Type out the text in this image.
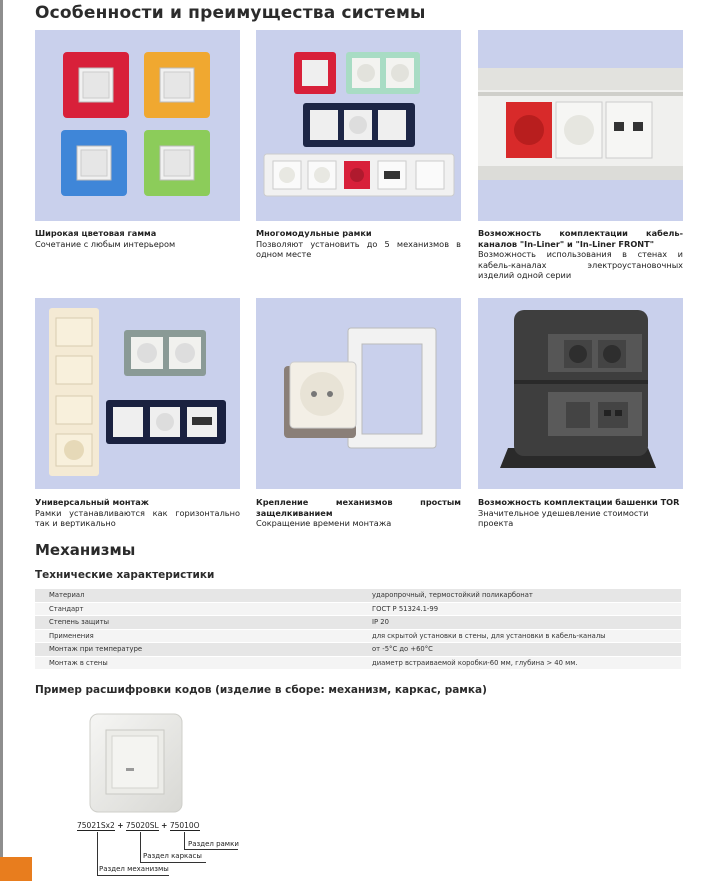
Особенности и преимущества системы
Широкая цветовая гамма
Сочетание с любым интерьером
Многомодульные рамки
Позволяют установить до 5 механизмов в одном месте
Возможность комплектации кабель-каналов "In-Liner" и "In-Liner FRONT"
Возможность использования в стенах и кабель-каналах электроустановочных изделий одной серии
Универсальный монтаж
Рамки устанавливаются как горизонтально так и вертикально
Крепление механизмов простым защелкиванием
Сокращение времени монтажа
Возможность комплектации башенки TOR
Значительное удешевление стоимости проекта
Механизмы
Технические характеристики
Материал	ударопрочный, термостойкий поликарбонат
Стандарт	ГОСТ Р 51324.1-99
Степень защиты	IP 20
Применения	для скрытой установки в стены, для установки в кабель-каналы
Монтаж при температуре	от -5°C до +60°C
Монтаж в стены	диаметр встраиваемой коробки-60 мм, глубина > 40 мм.
Пример расшифровки кодов (изделие в сборе: механизм, каркас, рамка)
75021Sx2 + 75020SL + 75010O
Раздел рамки
Раздел каркасы
Раздел механизмы
